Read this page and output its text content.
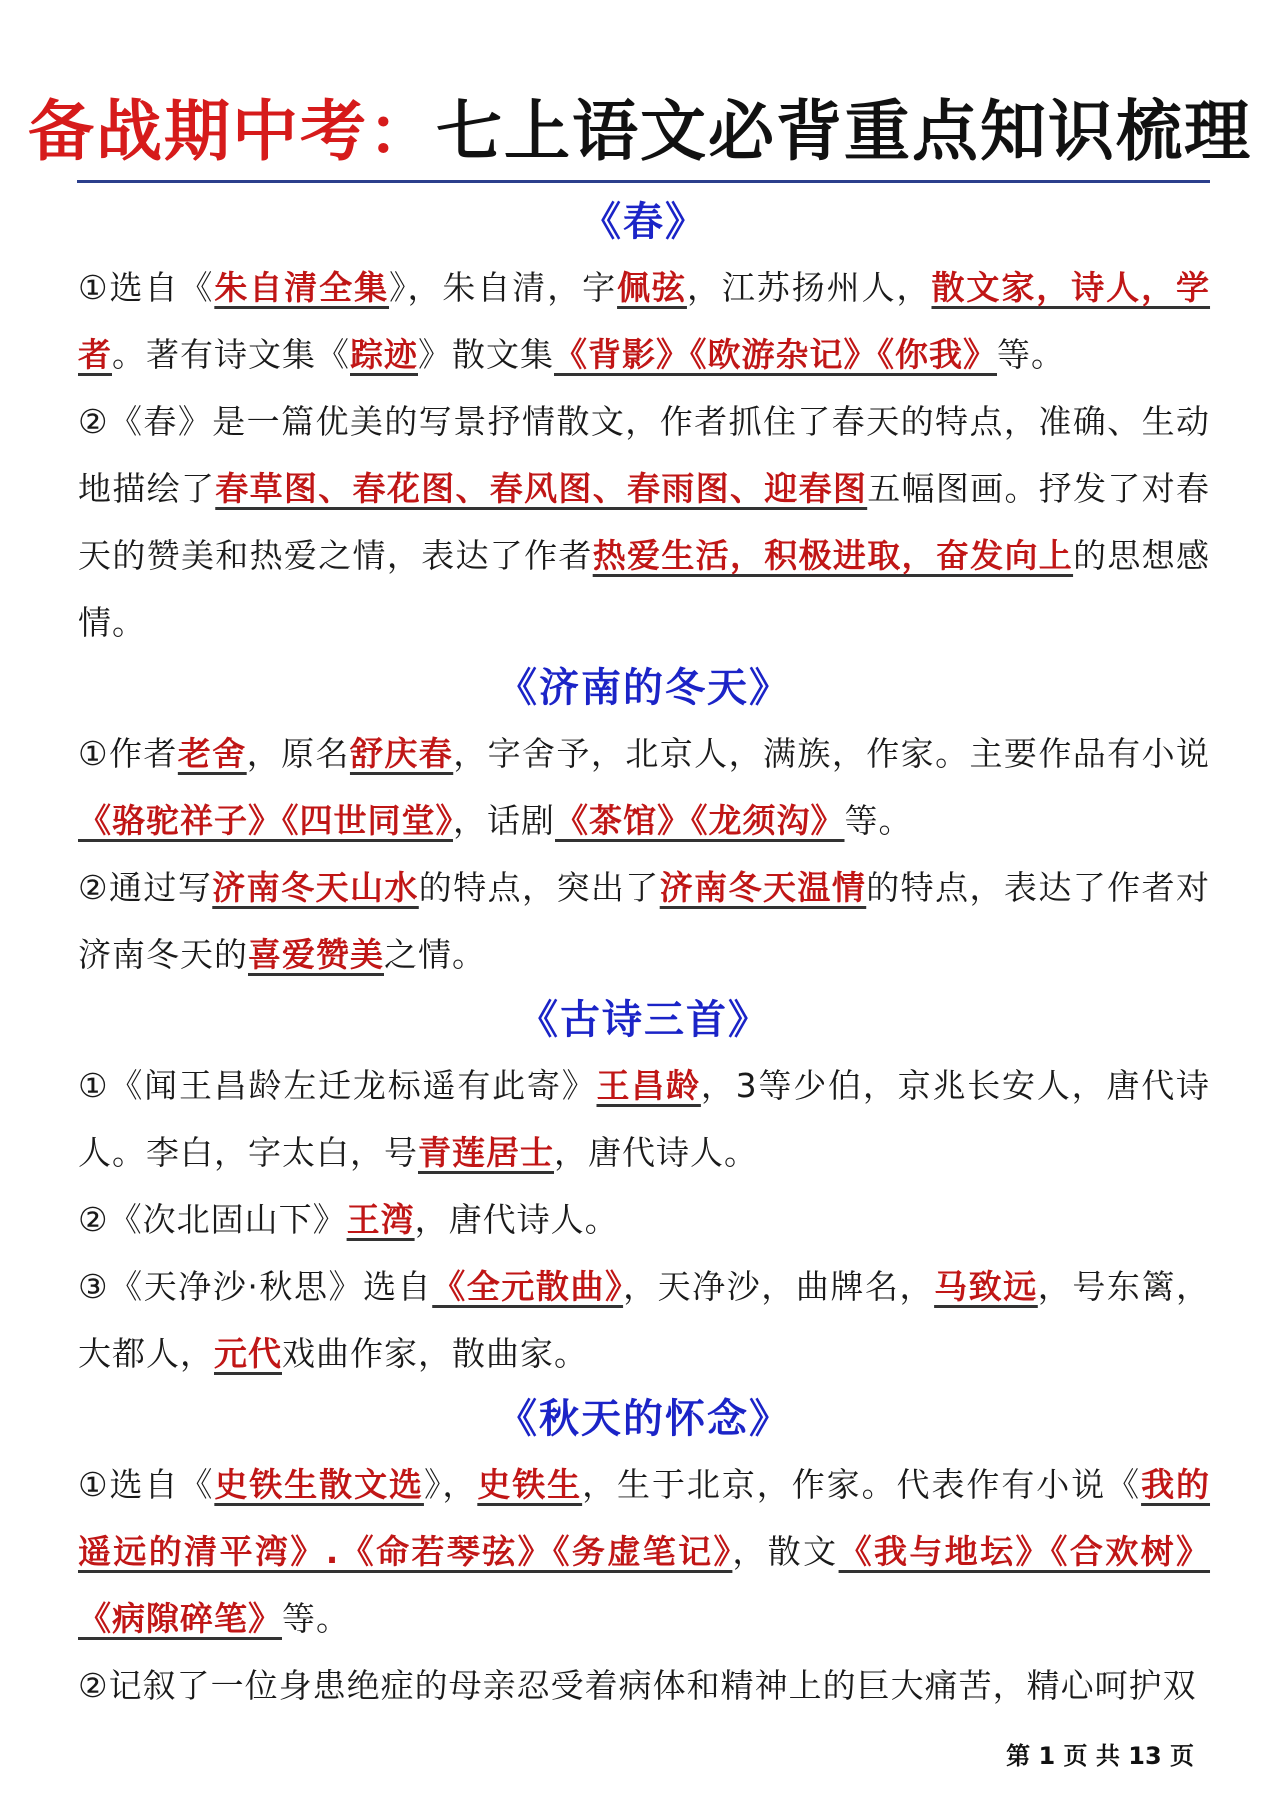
备战期中考：七上语文必背重点知识梳理
《春》

①选自《朱自清全集》，朱自清，字佩弦，江苏扬州人，散文家，诗人，学者。著有诗文集《踪迹》散文集《背影》《欧游杂记》《你我》等。

②《春》是一篇优美的写景抒情散文，作者抓住了春天的特点，准确、生动地描绘了春草图、春花图、春风图、春雨图、迎春图五幅图画。抒发了对春天的赞美和热爱之情，表达了作者热爱生活，积极进取，奋发向上的思想感情。

《济南的冬天》

①作者老舍，原名舒庆春，字舍予，北京人，满族，作家。主要作品有小说《骆驼祥子》《四世同堂》，话剧《茶馆》《龙须沟》等。

②通过写济南冬天山水的特点，突出了济南冬天温情的特点，表达了作者对济南冬天的喜爱赞美之情。

《古诗三首》

①《闻王昌龄左迁龙标遥有此寄》王昌龄，3等少伯，京兆长安人，唐代诗人。李白，字太白，号青莲居士，唐代诗人。

②《次北固山下》王湾，唐代诗人。

③《天净沙·秋思》选自《全元散曲》，天净沙，曲牌名，马致远，号东篱，大都人，元代戏曲作家，散曲家。

《秋天的怀念》

①选自《史铁生散文选》，史铁生，生于北京，作家。代表作有小说《我的遥远的清平湾》.《命若琴弦》《务虚笔记》，散文《我与地坛》《合欢树》《病隙碎笔》等。

②记叙了一位身患绝症的母亲忍受着病体和精神上的巨大痛苦，精心呵护双

第 1 页 共 13 页
